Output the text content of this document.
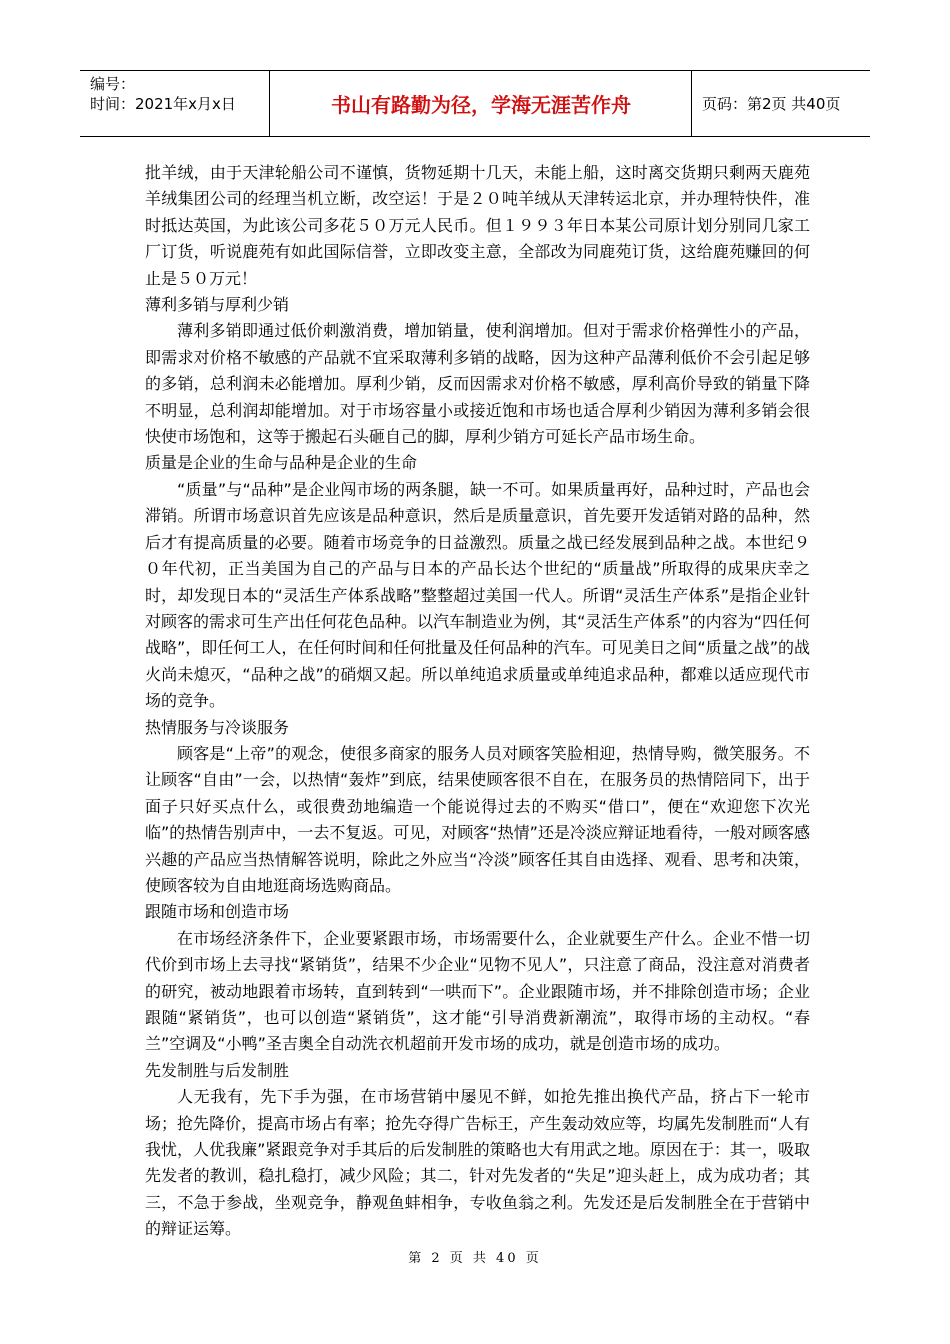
编号：
时间：2021年x月x日	书山有路勤为径，学海无涯苦作舟	页码：第2页 共40页

批羊绒，由于天津轮船公司不谨慎，货物延期十几天，未能上船，这时离交货期只剩两天鹿苑羊绒集团公司的经理当机立断，改空运！于是２０吨羊绒从天津转运北京，并办理特快件，准时抵达英国，为此该公司多花５０万元人民币。但１９９３年日本某公司原计划分别同几家工厂订货，听说鹿苑有如此国际信誉，立即改变主意，全部改为同鹿苑订货，这给鹿苑赚回的何止是５０万元！

薄利多销与厚利少销

薄利多销即通过低价刺激消费，增加销量，使利润增加。但对于需求价格弹性小的产品，即需求对价格不敏感的产品就不宜采取薄利多销的战略，因为这种产品薄利低价不会引起足够的多销，总利润未必能增加。厚利少销，反而因需求对价格不敏感，厚利高价导致的销量下降不明显，总利润却能增加。对于市场容量小或接近饱和市场也适合厚利少销因为薄利多销会很快使市场饱和，这等于搬起石头砸自己的脚，厚利少销方可延长产品市场生命。

质量是企业的生命与品种是企业的生命

“质量”与“品种”是企业闯市场的两条腿，缺一不可。如果质量再好，品种过时，产品也会滞销。所谓市场意识首先应该是品种意识，然后是质量意识，首先要开发适销对路的品种，然后才有提高质量的必要。随着市场竞争的日益激烈。质量之战已经发展到品种之战。本世纪９０年代初，正当美国为自己的产品与日本的产品长达个世纪的“质量战”所取得的成果庆幸之时，却发现日本的“灵活生产体系战略”整整超过美国一代人。所谓“灵活生产体系”是指企业针对顾客的需求可生产出任何花色品种。以汽车制造业为例，其“灵活生产体系”的内容为“四任何战略”，即任何工人，在任何时间和任何批量及任何品种的汽车。可见美日之间“质量之战”的战火尚未熄灭，“品种之战”的硝烟又起。所以单纯追求质量或单纯追求品种，都难以适应现代市场的竞争。

热情服务与冷谈服务

顾客是“上帝”的观念，使很多商家的服务人员对顾客笑脸相迎，热情导购，微笑服务。不让顾客“自由”一会，以热情“轰炸”到底，结果使顾客很不自在，在服务员的热情陪同下，出于面子只好买点什么，或很费劲地编造一个能说得过去的不购买“借口”，便在“欢迎您下次光临”的热情告别声中，一去不复返。可见，对顾客“热情”还是冷淡应辩证地看待，一般对顾客感兴趣的产品应当热情解答说明，除此之外应当“冷淡”顾客任其自由选择、观看、思考和决策，使顾客较为自由地逛商场选购商品。

跟随市场和创造市场

在市场经济条件下，企业要紧跟市场，市场需要什么，企业就要生产什么。企业不惜一切代价到市场上去寻找“紧销货”，结果不少企业“见物不见人”，只注意了商品，没注意对消费者的研究，被动地跟着市场转，直到转到“一哄而下”。企业跟随市场，并不排除创造市场；企业跟随“紧销货”，也可以创造“紧销货”，这才能“引导消费新潮流”，取得市场的主动权。“春兰”空调及“小鸭”圣吉奥全自动洗衣机超前开发市场的成功，就是创造市场的成功。

先发制胜与后发制胜

人无我有，先下手为强，在市场营销中屡见不鲜，如抢先推出换代产品，挤占下一轮市场；抢先降价，提高市场占有率；抢先夺得广告标王，产生轰动效应等，均属先发制胜而“人有我忧，人优我廉”紧跟竞争对手其后的后发制胜的策略也大有用武之地。原因在于：其一，吸取先发者的教训，稳扎稳打，减少风险；其二，针对先发者的“失足”迎头赶上，成为成功者；其三，不急于参战，坐观竞争，静观鱼蚌相争，专收鱼翁之利。先发还是后发制胜全在于营销中的辩证运筹。

第 2 页 共 40 页
